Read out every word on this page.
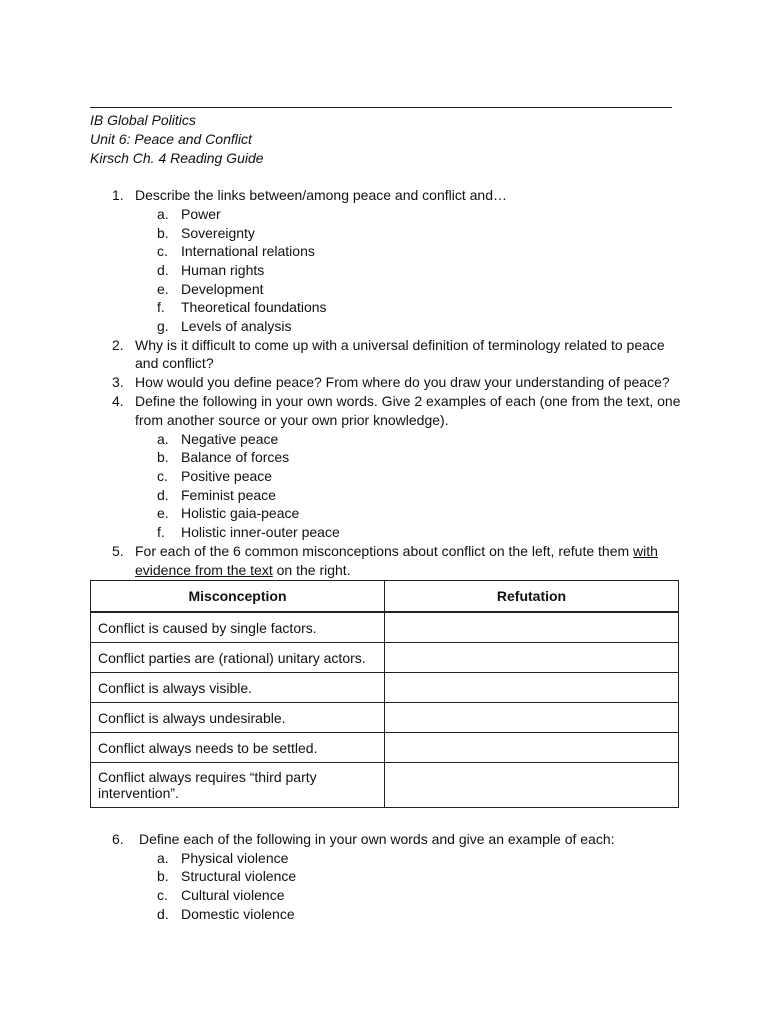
IB Global Politics
Unit 6: Peace and Conflict
Kirsch Ch. 4 Reading Guide
1. Describe the links between/among peace and conflict and…
a. Power
b. Sovereignty
c. International relations
d. Human rights
e. Development
f. Theoretical foundations
g. Levels of analysis
2. Why is it difficult to come up with a universal definition of terminology related to peace
and conflict?
3. How would you define peace? From where do you draw your understanding of peace?
4. Define the following in your own words. Give 2 examples of each (one from the text, one
from another source or your own prior knowledge).
a. Negative peace
b. Balance of forces
c. Positive peace
d. Feminist peace
e. Holistic gaia-peace
f. Holistic inner-outer peace
5. For each of the 6 common misconceptions about conflict on the left, refute them with
evidence from the text on the right.
Misconception	Refutation
Conflict is caused by single factors.	
Conflict parties are (rational) unitary actors.	
Conflict is always visible.	
Conflict is always undesirable.	
Conflict always needs to be settled.	
Conflict always requires “third party intervention”.	
6. Define each of the following in your own words and give an example of each:
a. Physical violence
b. Structural violence
c. Cultural violence
d. Domestic violence
